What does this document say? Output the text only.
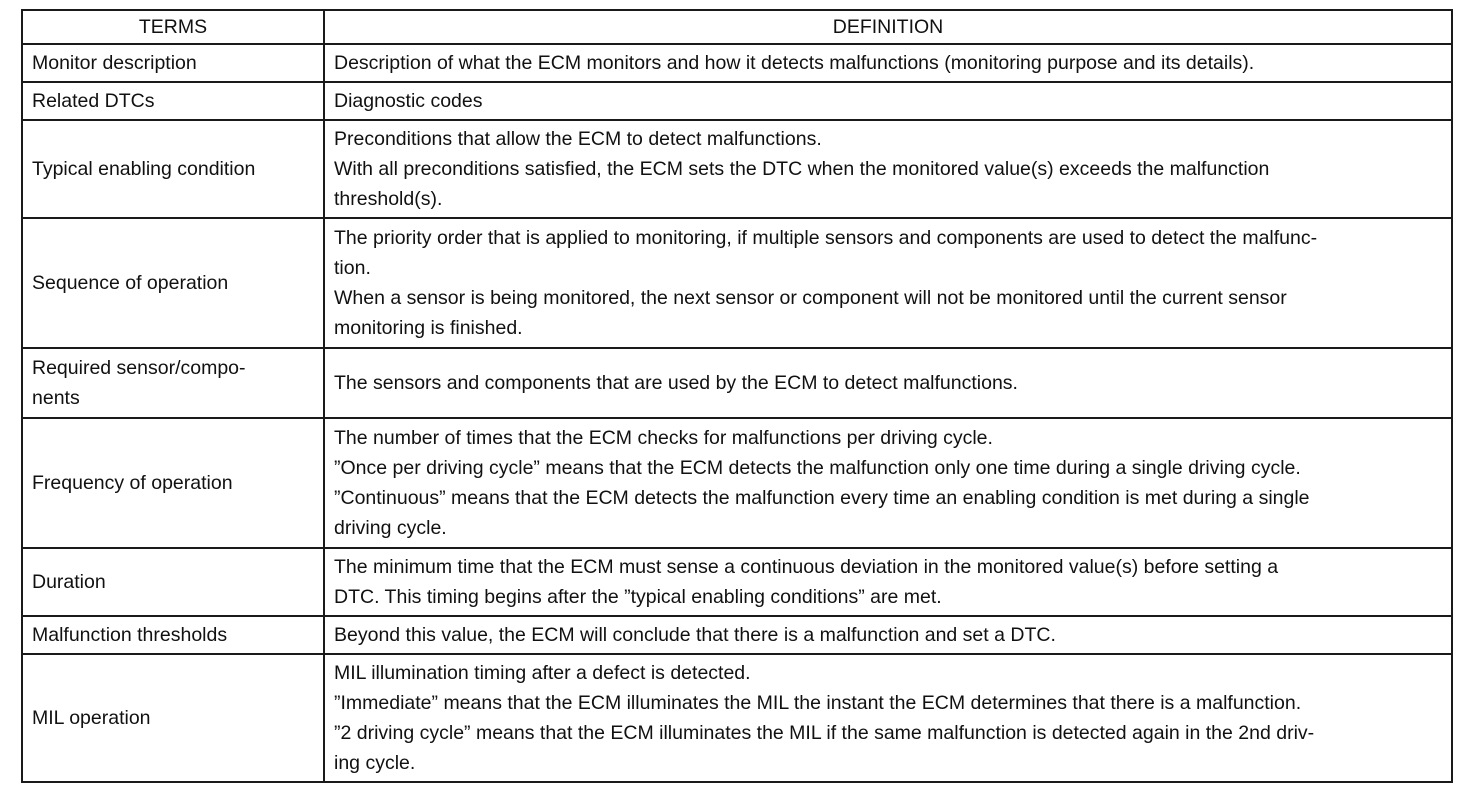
TERMS	DEFINITION

Monitor description	Description of what the ECM monitors and how it detects malfunctions (monitoring purpose and its details).

Related DTCs	Diagnostic codes

Typical enabling condition	Preconditions that allow the ECM to detect malfunctions.
With all preconditions satisfied, the ECM sets the DTC when the monitored value(s) exceeds the malfunction
threshold(s).

Sequence of operation	The priority order that is applied to monitoring, if multiple sensors and components are used to detect the malfunc-
tion.
When a sensor is being monitored, the next sensor or component will not be monitored until the current sensor
monitoring is finished.

Required sensor/compo-
nents	The sensors and components that are used by the ECM to detect malfunctions.

Frequency of operation	The number of times that the ECM checks for malfunctions per driving cycle.
”Once per driving cycle” means that the ECM detects the malfunction only one time during a single driving cycle.
”Continuous” means that the ECM detects the malfunction every time an enabling condition is met during a single
driving cycle.

Duration	The minimum time that the ECM must sense a continuous deviation in the monitored value(s) before setting a
DTC. This timing begins after the ”typical enabling conditions” are met.

Malfunction thresholds	Beyond this value, the ECM will conclude that there is a malfunction and set a DTC.

MIL operation	MIL illumination timing after a defect is detected.
”Immediate” means that the ECM illuminates the MIL the instant the ECM determines that there is a malfunction.
”2 driving cycle” means that the ECM illuminates the MIL if the same malfunction is detected again in the 2nd driv-
ing cycle.
